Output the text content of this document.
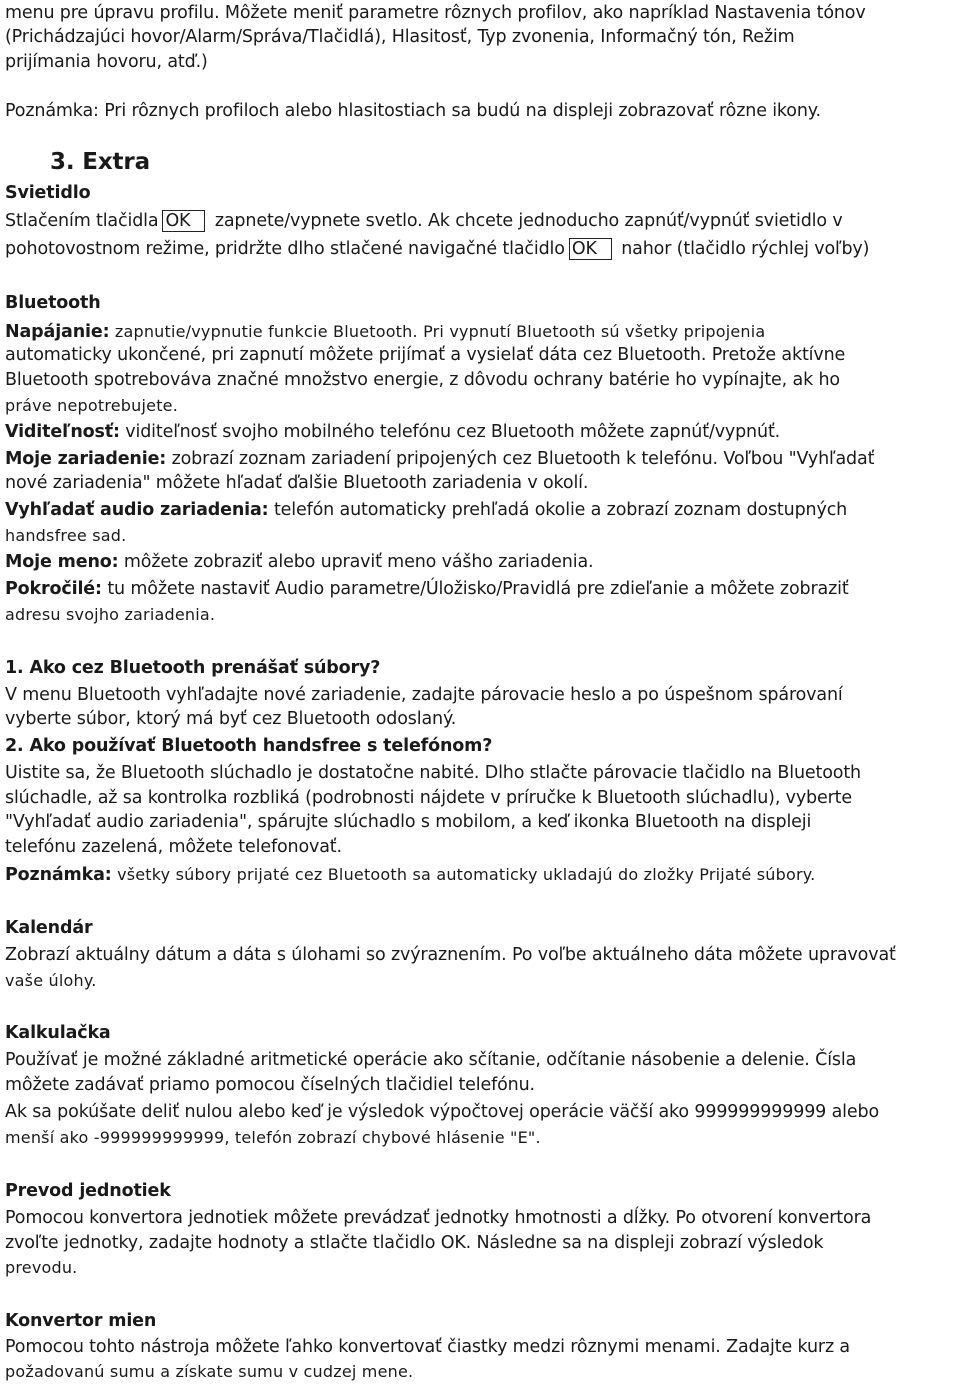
menu pre úpravu profilu. Môžete meniť parametre rôznych profilov, ako napríklad Nastavenia tónov
(Prichádzajúci hovor/Alarm/Správa/Tlačidlá), Hlasitosť, Typ zvonenia, Informačný tón, Režim
prijímania hovoru, atď.)
Poznámka: Pri rôznych profiloch alebo hlasitostiach sa budú na displeji zobrazovať rôzne ikony.
3. Extra
Svietidlo
Stlačením tlačidla OK zapnete/vypnete svetlo. Ak chcete jednoducho zapnúť/vypnúť svietidlo v
pohotovostnom režime, pridržte dlho stlačené navigačné tlačidlo OK nahor (tlačidlo rýchlej voľby)
Bluetooth
Napájanie: zapnutie/vypnutie funkcie Bluetooth. Pri vypnutí Bluetooth sú všetky pripojenia
automaticky ukončené, pri zapnutí môžete prijímať a vysielať dáta cez Bluetooth. Pretože aktívne
Bluetooth spotrebováva značné množstvo energie, z dôvodu ochrany batérie ho vypínajte, ak ho
práve nepotrebujete.
Viditeľnosť: viditeľnosť svojho mobilného telefónu cez Bluetooth môžete zapnúť/vypnúť.
Moje zariadenie: zobrazí zoznam zariadení pripojených cez Bluetooth k telefónu. Voľbou "Vyhľadať
nové zariadenia" môžete hľadať ďalšie Bluetooth zariadenia v okolí.
Vyhľadať audio zariadenia: telefón automaticky prehľadá okolie a zobrazí zoznam dostupných
handsfree sad.
Moje meno: môžete zobraziť alebo upraviť meno vášho zariadenia.
Pokročilé: tu môžete nastaviť Audio parametre/Úložisko/Pravidlá pre zdieľanie a môžete zobraziť
adresu svojho zariadenia.
1. Ako cez Bluetooth prenášať súbory?
V menu Bluetooth vyhľadajte nové zariadenie, zadajte párovacie heslo a po úspešnom spárovaní
vyberte súbor, ktorý má byť cez Bluetooth odoslaný.
2. Ako používať Bluetooth handsfree s telefónom?
Uistite sa, že Bluetooth slúchadlo je dostatočne nabité. Dlho stlačte párovacie tlačidlo na Bluetooth
slúchadle, až sa kontrolka rozbliká (podrobnosti nájdete v príručke k Bluetooth slúchadlu), vyberte
"Vyhľadať audio zariadenia", spárujte slúchadlo s mobilom, a keď ikonka Bluetooth na displeji
telefónu zazelená, môžete telefonovať.
Poznámka: všetky súbory prijaté cez Bluetooth sa automaticky ukladajú do zložky Prijaté súbory.
Kalendár
Zobrazí aktuálny dátum a dáta s úlohami so zvýraznením. Po voľbe aktuálneho dáta môžete upravovať
vaše úlohy.
Kalkulačka
Používať je možné základné aritmetické operácie ako sčítanie, odčítanie násobenie a delenie. Čísla
môžete zadávať priamo pomocou číselných tlačidiel telefónu.
Ak sa pokúšate deliť nulou alebo keď je výsledok výpočtovej operácie väčší ako 999999999999 alebo
menší ako -999999999999, telefón zobrazí chybové hlásenie "E".
Prevod jednotiek
Pomocou konvertora jednotiek môžete prevádzať jednotky hmotnosti a dĺžky. Po otvorení konvertora
zvoľte jednotky, zadajte hodnoty a stlačte tlačidlo OK. Následne sa na displeji zobrazí výsledok
prevodu.
Konvertor mien
Pomocou tohto nástroja môžete ľahko konvertovať čiastky medzi rôznymi menami. Zadajte kurz a
požadovanú sumu a získate sumu v cudzej mene.
